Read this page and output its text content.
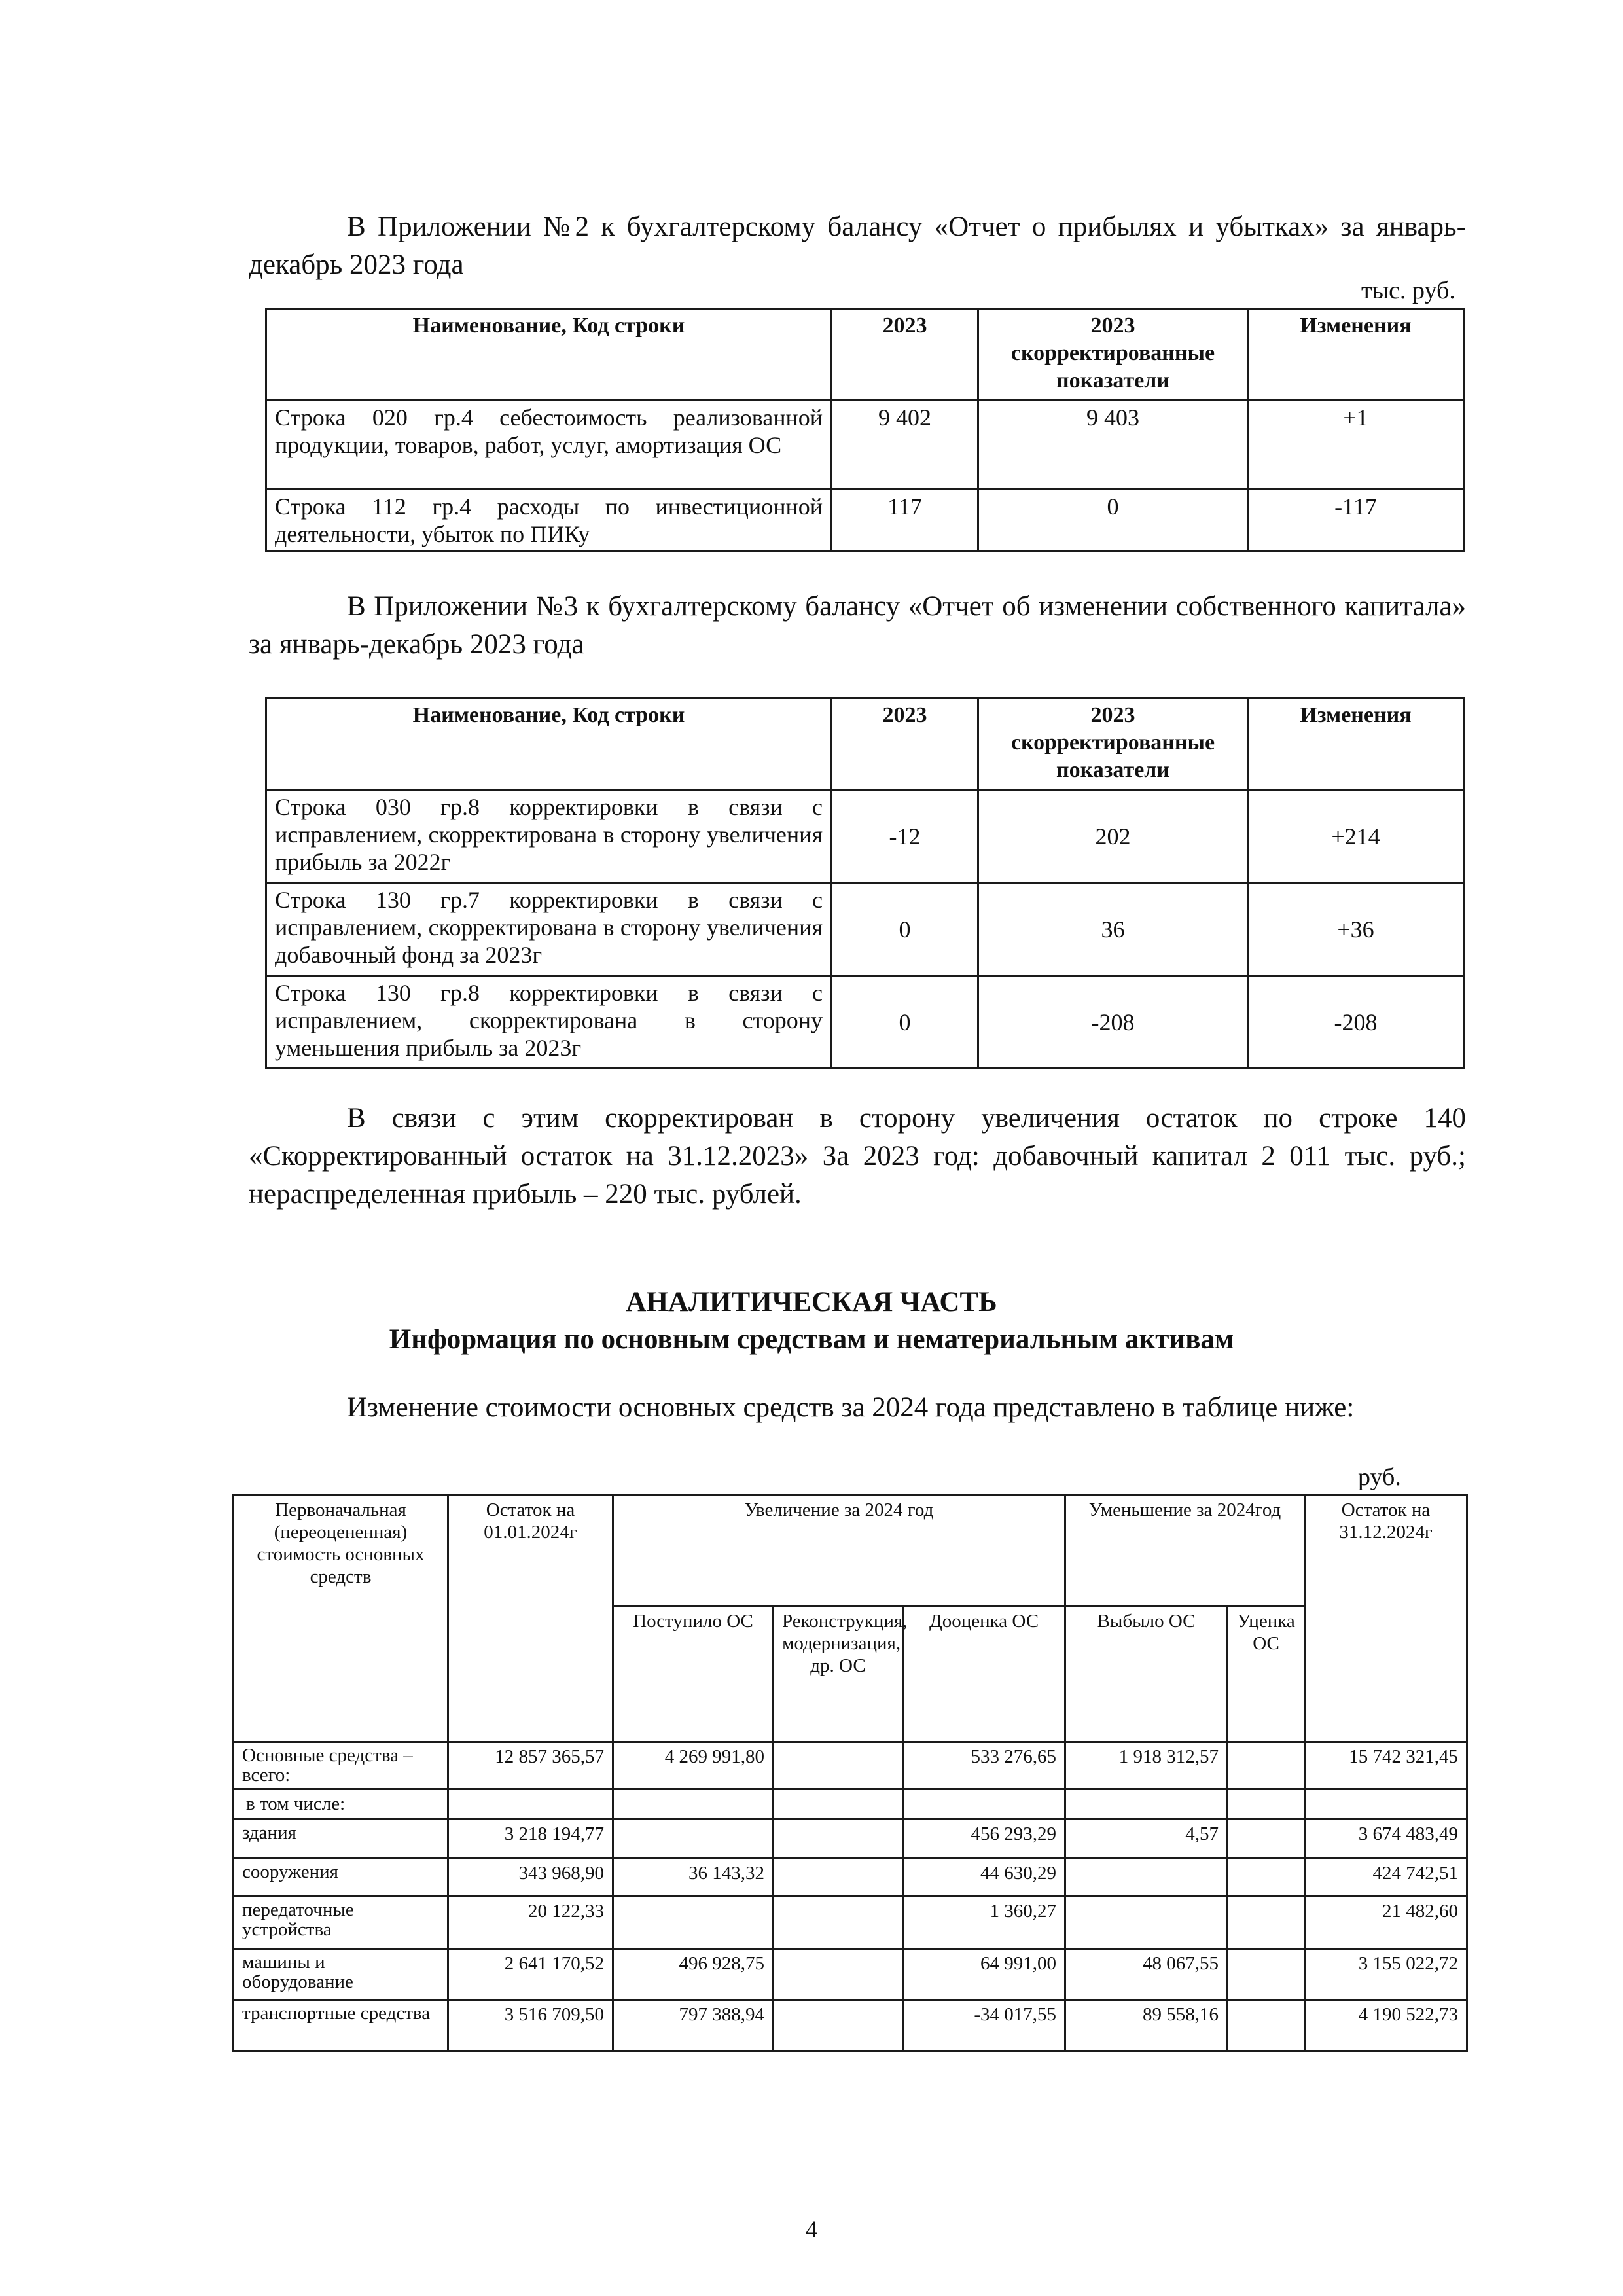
В Приложении №2 к бухгалтерскому балансу «Отчет о прибылях и убытках» за январь-декабрь 2023 года
тыс. руб.
Наименование, Код строки	2023	2023 скорректированные показатели	Изменения
Строка 020 гр.4 себестоимость реализованной продукции, товаров, работ, услуг, амортизация ОС	9 402	9 403	+1
Строка 112 гр.4 расходы по инвестиционной деятельности, убыток по ПИКу	117	0	-117
В Приложении №3 к бухгалтерскому балансу «Отчет об изменении собственного капитала» за январь-декабрь 2023 года
Наименование, Код строки	2023	2023 скорректированные показатели	Изменения
Строка 030 гр.8 корректировки в связи с исправлением, скорректирована в сторону увеличения прибыль за 2022г	-12	202	+214
Строка 130 гр.7 корректировки в связи с исправлением, скорректирована в сторону увеличения добавочный фонд за 2023г	0	36	+36
Строка 130 гр.8 корректировки в связи с исправлением, скорректирована в сторону уменьшения прибыль за 2023г	0	-208	-208
В связи с этим скорректирован в сторону увеличения остаток по строке 140 «Скорректированный остаток на 31.12.2023» За 2023 год: добавочный капитал 2 011 тыс. руб.; нераспределенная прибыль – 220 тыс. рублей.
АНАЛИТИЧЕСКАЯ ЧАСТЬ
Информация по основным средствам и нематериальным активам
Изменение стоимости основных средств за 2024 года представлено в таблице ниже:
руб.
Первоначальная (переоцененная) стоимость основных средств	Остаток на 01.01.2024г	Увеличение за 2024 год			Уменьшение за 2024год		Остаток на 31.12.2024г
		Поступило ОС	Реконструкция, модернизация, др. ОС	Дооценка ОС	Выбыло ОС	Уценка ОС	
Основные средства – всего:	12 857 365,57	4 269 991,80		533 276,65	1 918 312,57		15 742 321,45
в том числе:							
здания	3 218 194,77			456 293,29	4,57		3 674 483,49
сооружения	343 968,90	36 143,32		44 630,29			424 742,51
передаточные устройства	20 122,33			1 360,27			21 482,60
машины и оборудование	2 641 170,52	496 928,75		64 991,00	48 067,55		3 155 022,72
транспортные средства	3 516 709,50	797 388,94		-34 017,55	89 558,16		4 190 522,73
4
